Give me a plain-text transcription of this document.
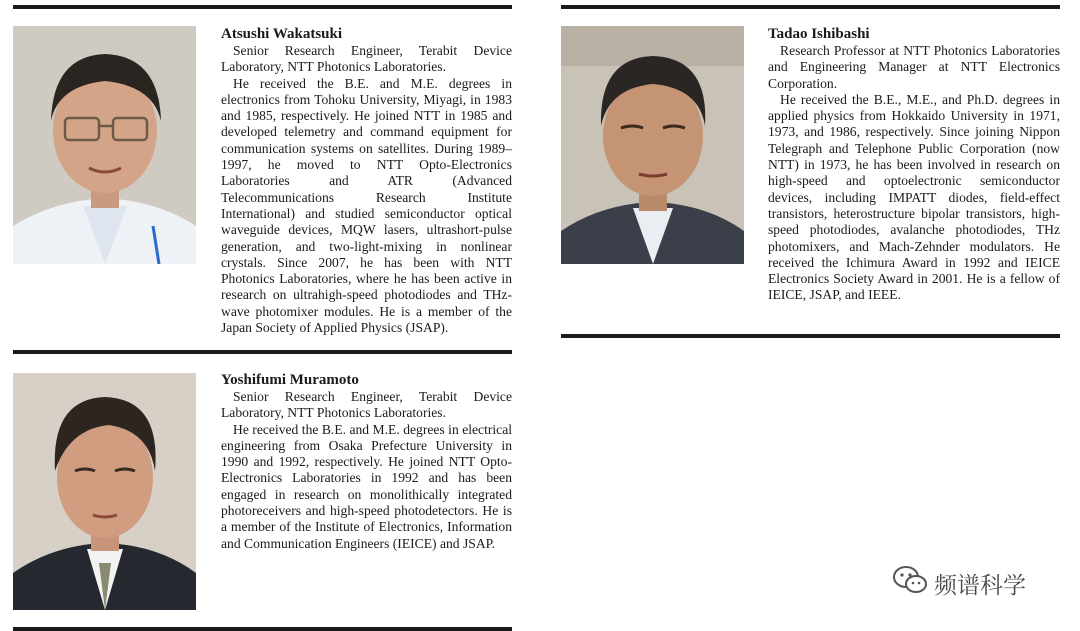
Atsushi Wakatsuki

Senior Research Engineer, Terabit Device Laboratory, NTT Photonics Laboratories.

He received the B.E. and M.E. degrees in electronics from Tohoku University, Miyagi, in 1983 and 1985, respectively. He joined NTT in 1985 and developed telemetry and command equipment for communication systems on satellites. During 1989–1997, he moved to NTT Opto-Electronics Laboratories and ATR (Advanced Telecommunications Research Institute International) and studied semiconductor optical waveguide devices, MQW lasers, ultrashort-pulse generation, and two-light-mixing in nonlinear crystals. Since 2007, he has been with NTT Photonics Laboratories, where he has been active in research on ultrahigh-speed photodiodes and THz-wave photomixer modules. He is a member of the Japan Society of Applied Physics (JSAP).

Tadao Ishibashi

Research Professor at NTT Photonics Laboratories and Engineering Manager at NTT Electronics Corporation.

He received the B.E., M.E., and Ph.D. degrees in applied physics from Hokkaido University in 1971, 1973, and 1986, respectively. Since joining Nippon Telegraph and Telephone Public Corporation (now NTT) in 1973, he has been involved in research on high-speed and optoelectronic semiconductor devices, including IMPATT diodes, field-effect transistors, heterostructure bipolar transistors, high-speed photodiodes, avalanche photodiodes, THz photomixers, and Mach-Zehnder modulators. He received the Ichimura Award in 1992 and IEICE Electronics Society Award in 2001. He is a fellow of IEICE, JSAP, and IEEE.

Yoshifumi Muramoto

Senior Research Engineer, Terabit Device Laboratory, NTT Photonics Laboratories.

He received the B.E. and M.E. degrees in electrical engineering from Osaka Prefecture University in 1990 and 1992, respectively. He joined NTT Opto-Electronics Laboratories in 1992 and has been engaged in research on monolithically integrated photoreceivers and high-speed photodetectors. He is a member of the Institute of Electronics, Information and Communication Engineers (IEICE) and JSAP.

频谱科学
